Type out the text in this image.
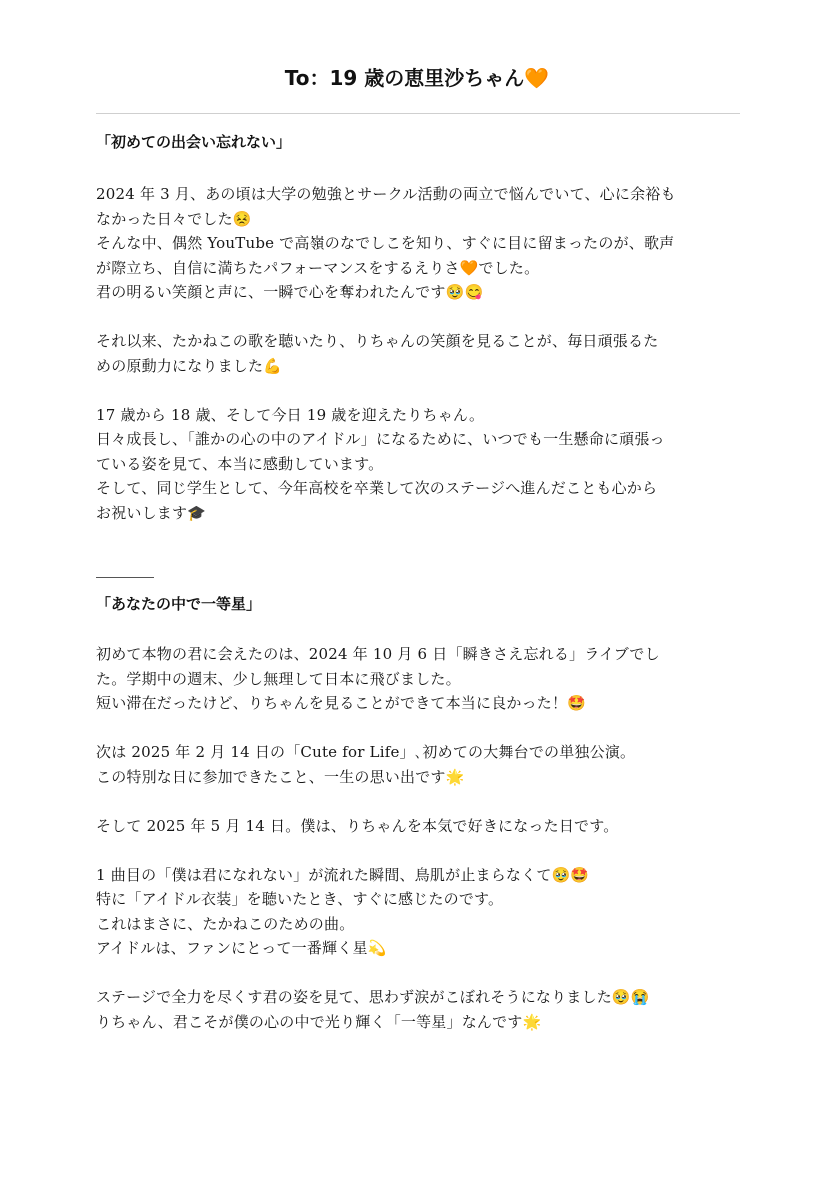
To：19 歳の恵里沙ちゃん🧡

「初めての出会い忘れない」

2024 年 3 月、あの頃は大学の勉強とサークル活動の両立で悩んでいて、心に余裕も
なかった日々でした😣
そんな中、偶然 YouTube で高嶺のなでしこを知り、すぐに目に留まったのが、歌声
が際立ち、自信に満ちたパフォーマンスをするえりさ🧡でした。
君の明るい笑顔と声に、一瞬で心を奪われたんです🥹😋

それ以来、たかねこの歌を聴いたり、りちゃんの笑顔を見ることが、毎日頑張るた
めの原動力になりました💪

17 歳から 18 歳、そして今日 19 歳を迎えたりちゃん。
日々成長し、「誰かの心の中のアイドル」になるために、いつでも一生懸命に頑張っ
ている姿を見て、本当に感動しています。
そして、同じ学生として、今年高校を卒業して次のステージへ進んだことも心から
お祝いします🎓

「あなたの中で一等星」

初めて本物の君に会えたのは、2024 年 10 月 6 日「瞬きさえ忘れる」ライブでし
た。学期中の週末、少し無理して日本に飛びました。
短い滞在だったけど、りちゃんを見ることができて本当に良かった！🤩

次は 2025 年 2 月 14 日の「Cute for Life」､初めての大舞台での単独公演。
この特別な日に参加できたこと、一生の思い出です🌟

そして 2025 年 5 月 14 日。僕は、りちゃんを本気で好きになった日です。

1 曲目の「僕は君になれない」が流れた瞬間、鳥肌が止まらなくて🥹🤩
特に「アイドル衣装」を聴いたとき、すぐに感じたのです。
これはまさに、たかねこのための曲。
アイドルは、ファンにとって一番輝く星💫

ステージで全力を尽くす君の姿を見て、思わず涙がこぼれそうになりました🥹😭
りちゃん、君こそが僕の心の中で光り輝く「一等星」なんです🌟
